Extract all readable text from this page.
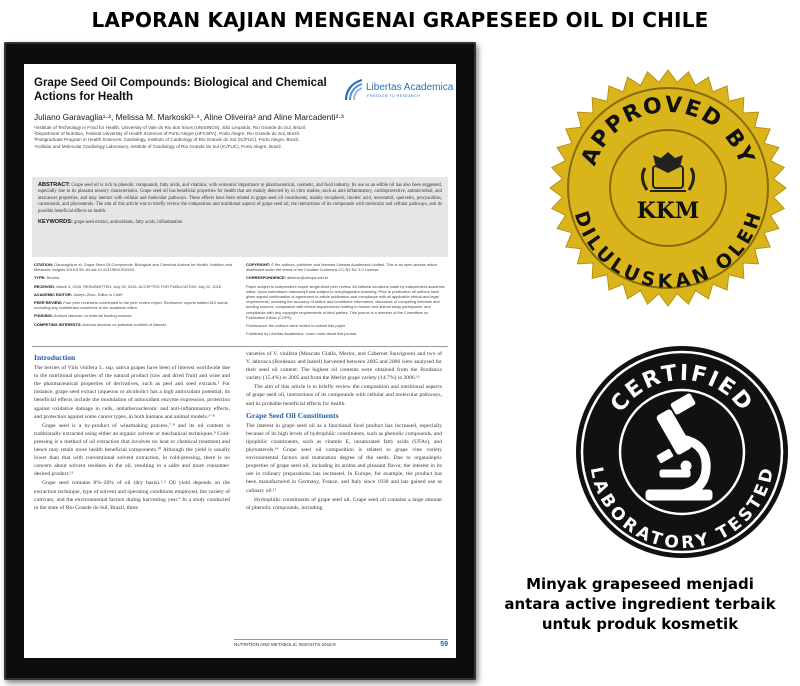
LAPORAN KAJIAN MENGENAI GRAPESEED OIL DI CHILE
Grape Seed Oil Compounds: Biological and Chemical Actions for Health
Libertas Academica
FREEDOM TO RESEARCH
Juliano Garavaglia¹·², Melissa M. Markoski³·⁴, Aline Oliveira³ and Aline Marcadenti²·³
¹Institute of Technology in Food for Health, University of Vale do Rio dos Sinos (UNISINOS), São Leopoldo, Rio Grande do Sul, Brazil.
²Department of Nutrition, Federal University of Health Sciences of Porto Alegre (UFCSPA), Porto Alegre, Rio Grande do Sul, Brazil.
³Postgraduate Program in Health Sciences: Cardiology, Institute of Cardiology of Rio Grande do Sul (IC/FUC), Porto Alegre, Brazil.
⁴Cellular and Molecular Cardiology Laboratory, Institute of Cardiology of Rio Grande do Sul (IC/FUC), Porto Alegre, Brazil.
ABSTRACT: Grape seed oil is rich in phenolic compounds, fatty acids, and vitamins, with economic importance to pharmaceutical, cosmetic, and food industry. Its use as an edible oil has also been suggested, especially due to its pleasant sensory characteristics. Grape seed oil has beneficial properties for health that are mainly detected by in vitro studies, such as anti-inflammatory, cardioprotective, antimicrobial, and anticancer properties, and may interact with cellular and molecular pathways. These effects have been related to grape seed oil constituents, mainly tocopherol, linoleic acid, resveratrol, quercetin, procyanidins, carotenoids, and phytosterols. The aim of this article was to briefly review the composition and nutritional aspects of grape seed oil, the interactions of its compounds with molecular and cellular pathways, and its possible beneficial effects on health.
KEYWORDS: grape seed extract, antioxidants, fatty acids, inflammation
CITATION: Garavaglia et al. Grape Seed Oil Compounds: Biological and Chemical Actions for Health. Nutrition and Metabolic Insights 2016:9 59–64 doi:10.4137/NMI.S32910.
TYPE: Review
RECEIVED: March 3, 2016. RESUBMITTED: July 25, 2016. ACCEPTED FOR PUBLICATION: July 22, 2016.
ACADEMIC EDITOR: Joseph Zhou, Editor in Chief
PEER REVIEW: Four peer reviewers contributed to the peer review report. Reviewers' reports totaled 812 words, excluding any confidential comments to the academic editor.
FUNDING: Authors disclose no external funding sources.
COMPETING INTERESTS: Authors disclose no potential conflicts of interest.
COPYRIGHT: © the authors, publisher and licensee Libertas Academica Limited. This is an open-access article distributed under the terms of the Creative Commons CC-BY-NC 3.0 License.
CORRESPONDENCE: alinemo@ufcspa.edu.br
Paper subject to independent expert single-blind peer review. All editorial decisions made by independent academic editor. Upon submission manuscript was subject to anti-plagiarism scanning. Prior to publication all authors have given signed confirmation of agreement to article publication and compliance with all applicable ethical and legal requirements, including the accuracy of author and contributor information, disclosure of competing interests and funding sources, compliance with ethical requirements relating to human and animal study participants, and compliance with any copyright requirements of third parties. This journal is a member of the Committee on Publication Ethics (COPE).
Provenance: the authors were invited to submit this paper.
Published by Libertas Academica. Learn more about this journal.
Introduction

The berries of Vitis vinifera L. ssp. sativa grapes have been of interest worldwide due to the nutritional properties of the natural product (raw and dried fruit) and wine and the pharmaceutical properties of derivatives, such as peel and seed extracts.¹ For instance, grape seed extract (aqueous or alcoholic) has a high antioxidant potential; its beneficial effects include the modulation of antioxidant enzyme expression, protection against oxidative damage in cells, antiatherosclerotic and anti-inflammatory effects, and protection against some cancer types, in both humans and animal models.²⁻⁸

Grape seed is a by-product of winemaking process,⁷·⁸ and its oil content is traditionally extracted using either an organic solvent or mechanical techniques.⁹ Cold-pressing is a method of oil extraction that involves no heat or chemical treatment and hence may retain more health beneficial components.¹⁰ Although the yield is usually lower than that with conventional solvent extraction, in cold-pressing, there is no concern about solvent residues in the oil, resulting in a safer and more consumer-desired product.¹¹

Grape seed contains 8%–20% of oil (dry basis).¹·² Oil yield depends on the extraction technique, type of solvent and operating conditions employed, the variety of cultivars, and the environmental factors during harvesting year.⁹ In a study conducted in the state of Rio Grande do Sul, Brazil, three

varieties of V. vinifera (Moscato Giallo, Merlot, and Cabernet Sauvignon) and two of V. labrusca (Bordeaux and Isabel) harvested between 2005 and 2006 were analyzed for their seed oil content. The highest oil contents were obtained from the Bordeaux variety (15.4%) in 2005 and from the Merlot grape variety (14.7%) in 2006.¹³

The aim of this article is to briefly review the composition and nutritional aspects of grape seed oil, interactions of its compounds with cellular and molecular pathways, and its probable beneficial effects for health.

Grape Seed Oil Constituents

The interest in grape seed oil as a functional food product has increased, especially because of its high levels of hydrophilic constituents, such as phenolic compounds, and lipophilic constituents, such as vitamin E, unsaturated fatty acids (UFAs), and phytosterols.¹⁴ Grape seed oil composition is related to grape vine variety environmental factors and maturation degree of the seeds. Due to organoleptic properties of grape seed oil, including its aroma and pleasant flavor, the interest in its use in culinary preparations has increased. In Europe, for example, the product has been manufactured in Germany, France, and Italy since 1930 and has gained use as culinary oil.¹¹

Hydrophilic constituents of grape seed oil. Grape seed oil contains a large amount of phenolic compounds, including

NUTRITION AND METABOLIC INSIGHTS 2016:9	59
APPROVED BY
DILULUSKAN OLEH
KKM
CERTIFIED
LABORATORY TESTED
Minyak grapeseed menjadi
antara active ingredient terbaik
untuk produk kosmetik
